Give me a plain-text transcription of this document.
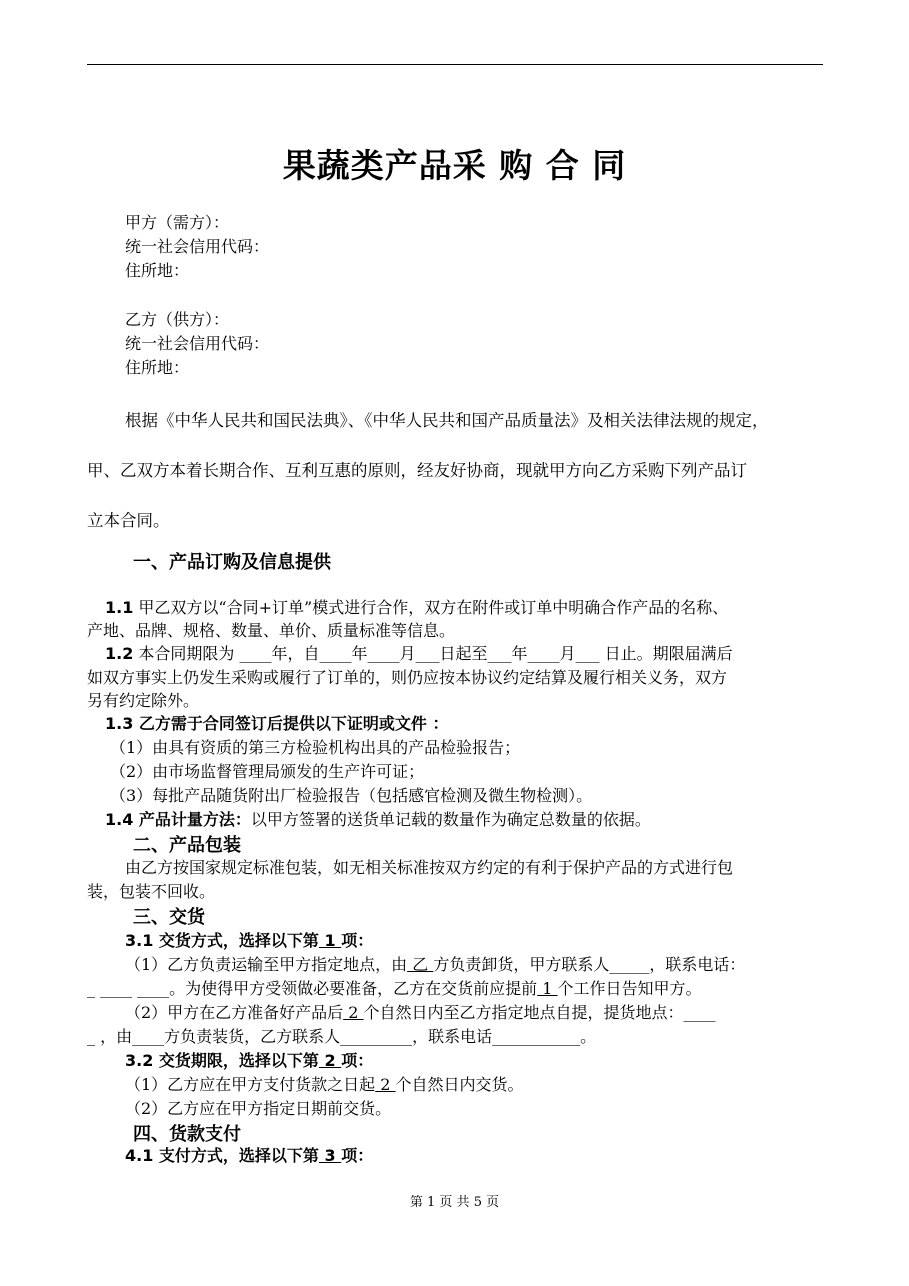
果蔬类产品采 购 合 同
甲方（需方）：
统一社会信用代码：
住所地：
乙方（供方）：
统一社会信用代码：
住所地：
根据《中华人民共和国民法典》、《中华人民共和国产品质量法》及相关法律法规的规定，
甲、乙双方本着长期合作、互利互惠的原则，经友好协商，现就甲方向乙方采购下列产品订
立本合同。
一、产品订购及信息提供
1.1 甲乙双方以“合同+订单”模式进行合作，双方在附件或订单中明确合作产品的名称、
产地、品牌、规格、数量、单价、质量标准等信息。
1.2 本合同期限为 ____年，自____年____月___日起至___年____月___ 日止。期限届满后
如双方事实上仍发生采购或履行了订单的，则仍应按本协议约定结算及履行相关义务，双方
另有约定除外。
1.3 乙方需于合同签订后提供以下证明或文件 ：
（1）由具有资质的第三方检验机构出具的产品检验报告；
（2）由市场监督管理局颁发的生产许可证；
（3）每批产品随货附出厂检验报告（包括感官检测及微生物检测）。
1.4 产品计量方法：以甲方签署的送货单记载的数量作为确定总数量的依据。
二、产品包装
由乙方按国家规定标准包装，如无相关标准按双方约定的有利于保护产品的方式进行包
装，包装不回收。
三、交货
3.1 交货方式，选择以下第 1 项：
（1）乙方负责运输至甲方指定地点，由 乙 方负责卸货，甲方联系人_____，联系电话：
_ ____ ____。为使得甲方受领做必要准备，乙方在交货前应提前 1 个工作日告知甲方。
（2）甲方在乙方准备好产品后 2 个自然日内至乙方指定地点自提，提货地点：____
_ ，由____方负责装货，乙方联系人_________，联系电话___________。
3.2 交货期限，选择以下第 2 项：
（1）乙方应在甲方支付货款之日起 2 个自然日内交货。
（2）乙方应在甲方指定日期前交货。
四、货款支付
4.1 支付方式，选择以下第 3 项：
第 1 页 共 5 页
